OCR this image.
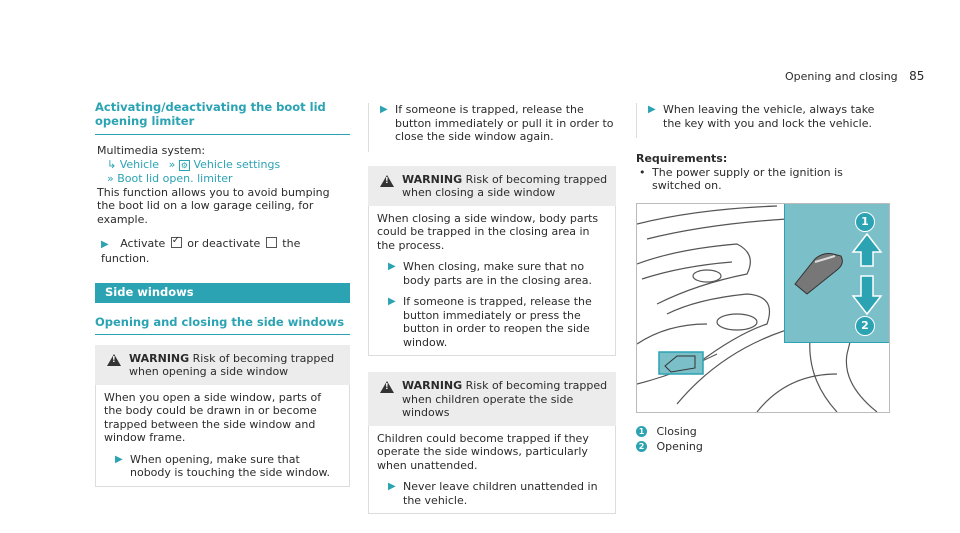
Opening and closing 85
Activating/deactivating the boot lid opening limiter
Multimedia system:
↳ Vehicle » ⚙ Vehicle settings
» Boot lid open. limiter
This function allows you to avoid bumping the boot lid on a low garage ceiling, for example.
▶ Activate ✓ or deactivate the function.
Side windows
Opening and closing the side windows
!
WARNING Risk of becoming trapped when opening a side window
When you open a side window, parts of the body could be drawn in or become trapped between the side window and window frame.
▶ When opening, make sure that nobody is touching the side window.
▶ If someone is trapped, release the button immediately or pull it in order to close the side window again.
!
WARNING Risk of becoming trapped when closing a side window
When closing a side window, body parts could be trapped in the closing area in the process.
▶ When closing, make sure that no body parts are in the closing area.
▶ If someone is trapped, release the button immediately or press the button in order to reopen the side window.
!
WARNING Risk of becoming trapped when children operate the side windows
Children could become trapped if they operate the side windows, particularly when unattended.
▶ Never leave children unattended in the vehicle.
▶ When leaving the vehicle, always take the key with you and lock the vehicle.
Requirements:
• The power supply or the ignition is switched on.
1
2
1 Closing
2 Opening
